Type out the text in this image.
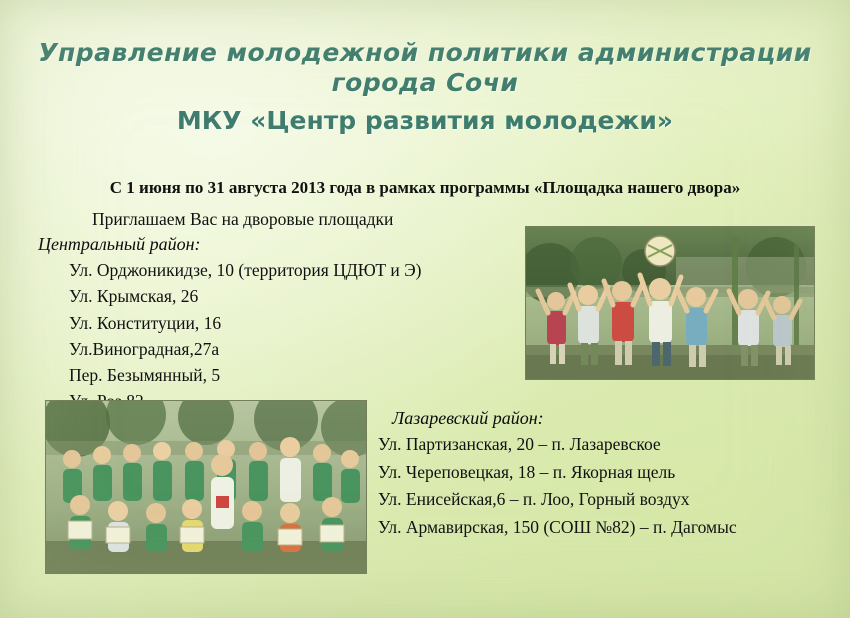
Управление молодежной политики администрации
города Сочи
МКУ «Центр развития молодежи»
С 1 июня по 31 августа 2013 года в рамках программы «Площадка нашего двора»
Приглашаем Вас на дворовые площадки
Центральный район:
Ул. Орджоникидзе, 10 (территория ЦДЮТ и Э)
Ул. Крымская, 26
Ул. Конституции, 16
Ул.Виноградная,27а
Пер. Безымянный, 5
Лазаревский район:
Ул. Партизанская, 20 – п. Лазаревское
Ул. Череповецкая, 18 – п. Якорная щель
Ул. Енисейская,6 – п. Лоо, Горный воздух
Ул. Армавирская, 150 (СОШ №82) – п. Дагомыс
